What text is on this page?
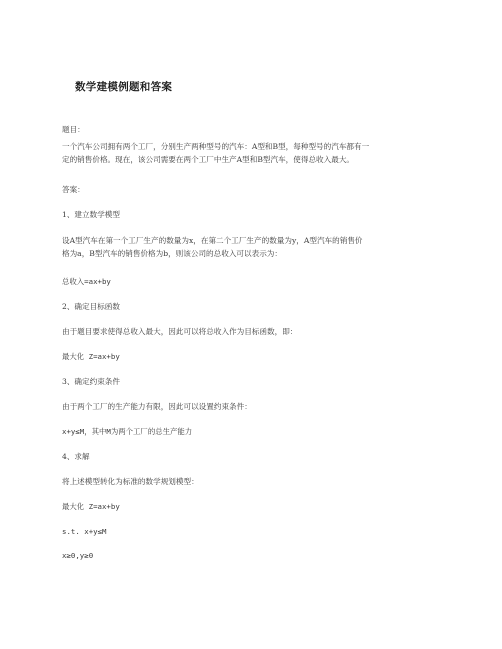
数学建模例题和答案
题目：
一个汽车公司拥有两个工厂，分别生产两种型号的汽车：A型和B型，每种型号的汽车都有一
定的销售价格。现在，该公司需要在两个工厂中生产A型和B型汽车，使得总收入最大。
答案：
1、建立数学模型
设A型汽车在第一个工厂生产的数量为x，在第二个工厂生产的数量为y，A型汽车的销售价
格为a，B型汽车的销售价格为b，则该公司的总收入可以表示为：
总收入=ax+by
2、确定目标函数
由于题目要求使得总收入最大，因此可以将总收入作为目标函数，即：
最大化 Z=ax+by
3、确定约束条件
由于两个工厂的生产能力有限，因此可以设置约束条件：
x+y≤M，其中M为两个工厂的总生产能力
4、求解
将上述模型转化为标准的数学规划模型：
最大化 Z=ax+by
s.t. x+y≤M
x≥0,y≥0
